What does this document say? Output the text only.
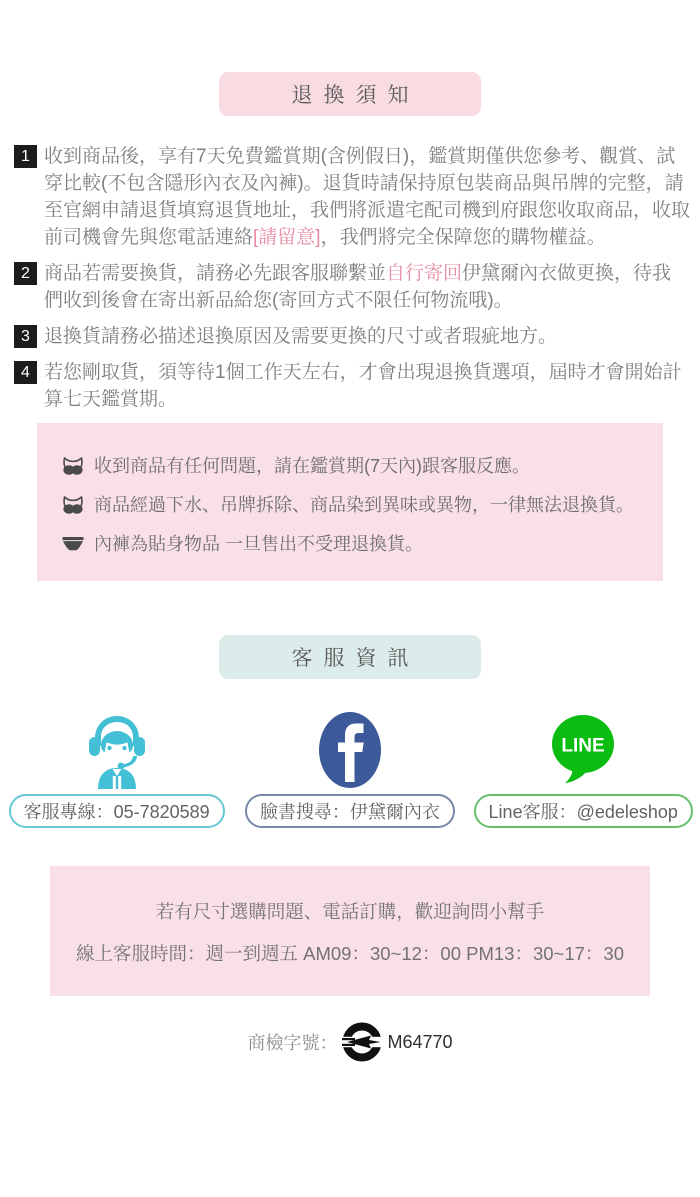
退換須知
1 收到商品後，享有7天免費鑑賞期(含例假日)，鑑賞期僅供您參考、觀賞、試穿比較(不包含隱形內衣及內褲)。退貨時請保持原包裝商品與吊牌的完整，請至官網申請退貨填寫退貨地址，我們將派遣宅配司機到府跟您收取商品，收取前司機會先與您電話連絡[請留意]，我們將完全保障您的購物權益。
2 商品若需要換貨，請務必先跟客服聯繫並自行寄回伊黛爾內衣做更換，待我們收到後會在寄出新品給您(寄回方式不限任何物流哦)。
3 退換貨請務必描述退換原因及需要更換的尺寸或者瑕疵地方。
4 若您剛取貨，須等待1個工作天左右，才會出現退換貨選項，屆時才會開始計算七天鑑賞期。
收到商品有任何問題，請在鑑賞期(7天內)跟客服反應。
商品經過下水、吊牌拆除、商品染到異味或異物，一律無法退換貨。
內褲為貼身物品 一旦售出不受理退換貨。
客服資訊
客服專線：05-7820589	臉書搜尋：伊黛爾內衣
LINE
Line客服：@edeleshop
若有尺寸選購問題、電話訂購，歡迎詢問小幫手
線上客服時間：週一到週五 AM09：30~12：00 PM13：30~17：30
商檢字號：	M64770
